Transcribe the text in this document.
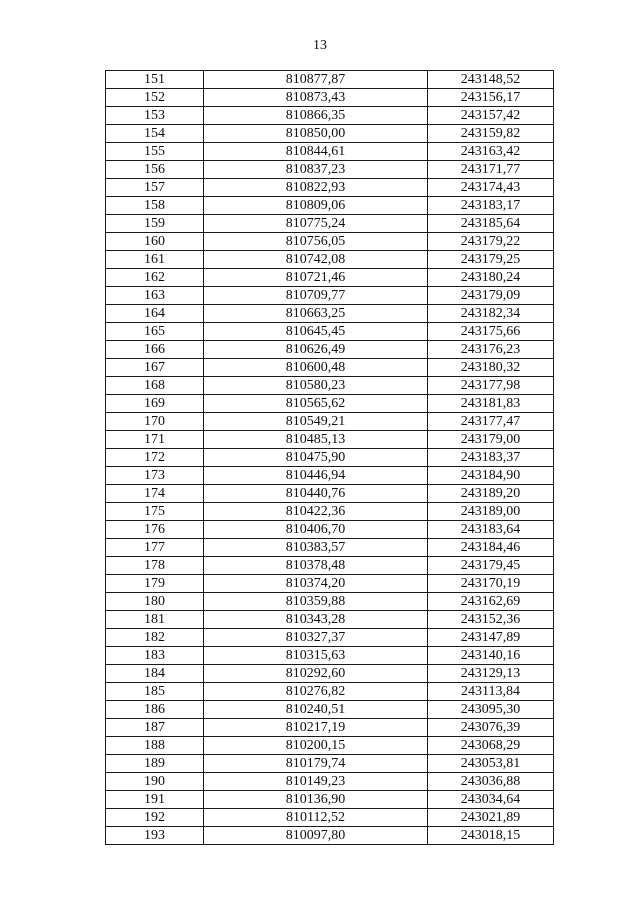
13
151	810877,87	243148,52
152	810873,43	243156,17
153	810866,35	243157,42
154	810850,00	243159,82
155	810844,61	243163,42
156	810837,23	243171,77
157	810822,93	243174,43
158	810809,06	243183,17
159	810775,24	243185,64
160	810756,05	243179,22
161	810742,08	243179,25
162	810721,46	243180,24
163	810709,77	243179,09
164	810663,25	243182,34
165	810645,45	243175,66
166	810626,49	243176,23
167	810600,48	243180,32
168	810580,23	243177,98
169	810565,62	243181,83
170	810549,21	243177,47
171	810485,13	243179,00
172	810475,90	243183,37
173	810446,94	243184,90
174	810440,76	243189,20
175	810422,36	243189,00
176	810406,70	243183,64
177	810383,57	243184,46
178	810378,48	243179,45
179	810374,20	243170,19
180	810359,88	243162,69
181	810343,28	243152,36
182	810327,37	243147,89
183	810315,63	243140,16
184	810292,60	243129,13
185	810276,82	243113,84
186	810240,51	243095,30
187	810217,19	243076,39
188	810200,15	243068,29
189	810179,74	243053,81
190	810149,23	243036,88
191	810136,90	243034,64
192	810112,52	243021,89
193	810097,80	243018,15
